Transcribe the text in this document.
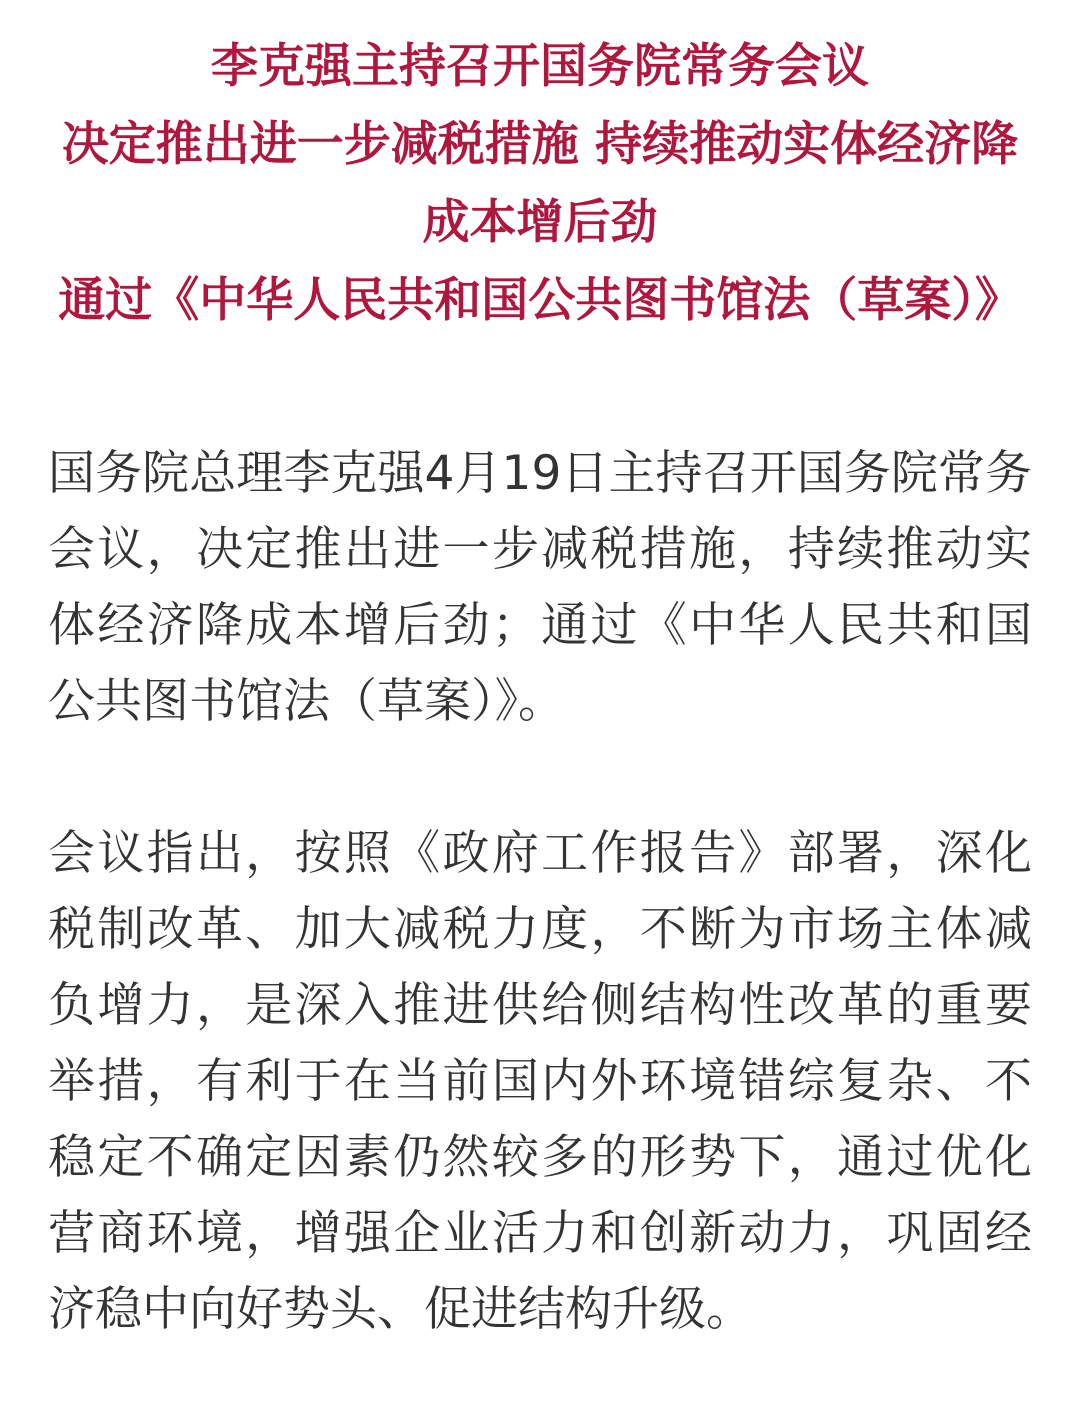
李克强主持召开国务院常务会议
决定推出进一步减税措施 持续推动实体经济降成本增后劲
通过《中华人民共和国公共图书馆法（草案）》

国务院总理李克强4月19日主持召开国务院常务会议，决定推出进一步减税措施，持续推动实体经济降成本增后劲；通过《中华人民共和国公共图书馆法（草案）》。

会议指出，按照《政府工作报告》部署，深化税制改革、加大减税力度，不断为市场主体减负增力，是深入推进供给侧结构性改革的重要举措，有利于在当前国内外环境错综复杂、不稳定不确定因素仍然较多的形势下，通过优化营商环境，增强企业活力和创新动力，巩固经济稳中向好势头、促进结构升级。
